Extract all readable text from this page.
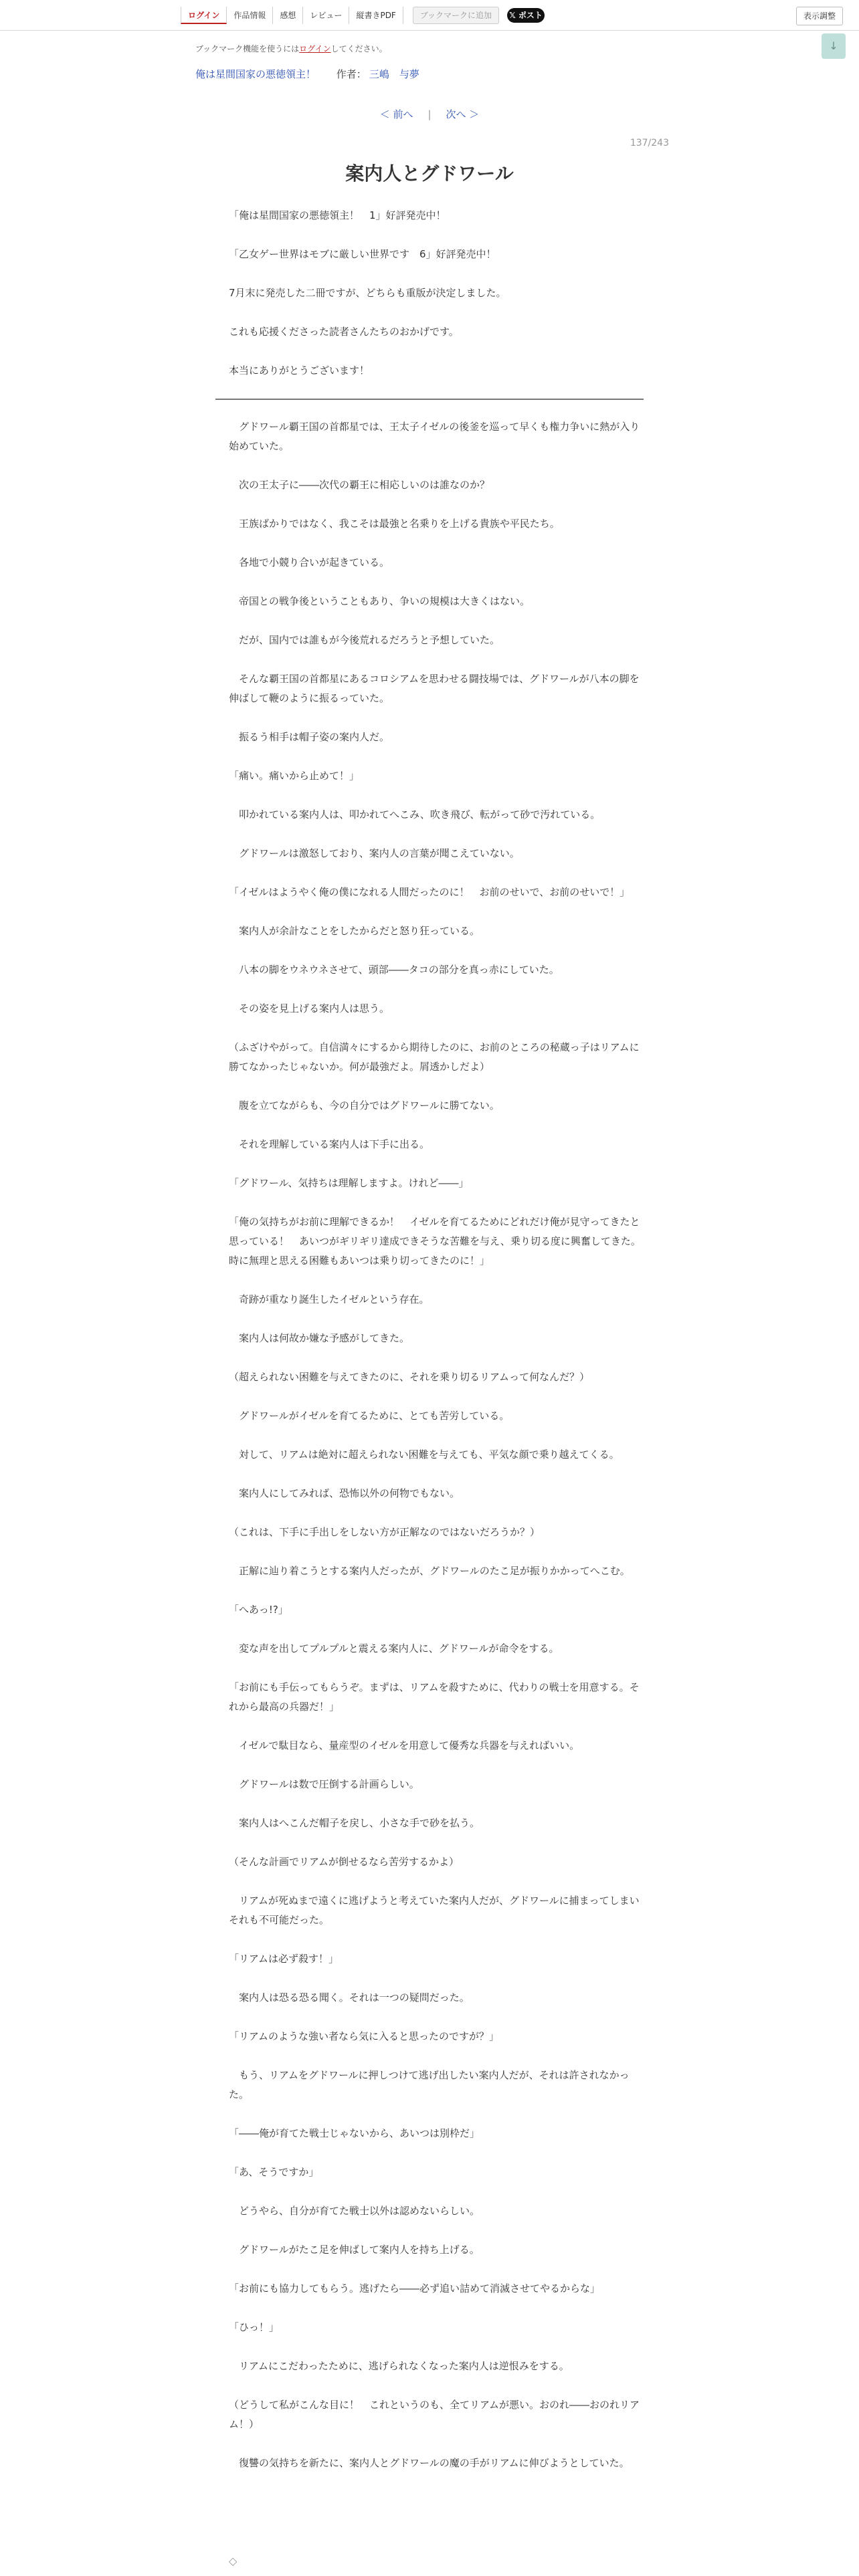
ログイン	作品情報	感想	レビュー	縦書きPDF	ブックマークに追加	𝕏 ポスト	表示調整
↓
ブックマーク機能を使うにはログインしてください。
俺は星間国家の悪徳領主！ 作者： 三嶋　与夢
＜ 前へ | 次へ ＞
137/243
案内人とグドワール

「俺は星間国家の悪徳領主！　1」好評発売中！

「乙女ゲー世界はモブに厳しい世界です　6」好評発売中！

7月末に発売した二冊ですが、どちらも重版が決定しました。

これも応援くださった読者さんたちのおかげです。

本当にありがとうございます！

　グドワール覇王国の首都星では、王太子イゼルの後釜を巡って早くも権力争いに熱が入り始めていた。

　次の王太子に――次代の覇王に相応しいのは誰なのか？

　王族ばかりではなく、我こそは最強と名乗りを上げる貴族や平民たち。

　各地で小競り合いが起きている。

　帝国との戦争後ということもあり、争いの規模は大きくはない。

　だが、国内では誰もが今後荒れるだろうと予想していた。

　そんな覇王国の首都星にあるコロシアムを思わせる闘技場では、グドワールが八本の脚を伸ばして鞭のように振るっていた。

　振るう相手は帽子姿の案内人だ。

「痛い。痛いから止めて！」

　叩かれている案内人は、叩かれてへこみ、吹き飛び、転がって砂で汚れている。

　グドワールは激怒しており、案内人の言葉が聞こえていない。

「イゼルはようやく俺の僕になれる人間だったのに！　お前のせいで、お前のせいで！」

　案内人が余計なことをしたからだと怒り狂っている。

　八本の脚をウネウネさせて、頭部――タコの部分を真っ赤にしていた。

　その姿を見上げる案内人は思う。

（ふざけやがって。自信満々にするから期待したのに、お前のところの秘蔵っ子はリアムに勝てなかったじゃないか。何が最強だよ。屑透かしだよ）

　腹を立てながらも、今の自分ではグドワールに勝てない。

　それを理解している案内人は下手に出る。

「グドワール、気持ちは理解しますよ。けれど――」

「俺の気持ちがお前に理解できるか！　イゼルを育てるためにどれだけ俺が見守ってきたと思っている！　あいつがギリギリ達成できそうな苦難を与え、乗り切る度に興奮してきた。時に無理と思える困難もあいつは乗り切ってきたのに！」

　奇跡が重なり誕生したイゼルという存在。

　案内人は何故か嫌な予感がしてきた。

（超えられない困難を与えてきたのに、それを乗り切るリアムって何なんだ？）

　グドワールがイゼルを育てるために、とても苦労している。

　対して、リアムは絶対に超えられない困難を与えても、平気な顔で乗り越えてくる。

　案内人にしてみれば、恐怖以外の何物でもない。

（これは、下手に手出しをしない方が正解なのではないだろうか？）

　正解に辿り着こうとする案内人だったが、グドワールのたこ足が振りかかってへこむ。

「へあっ!?」

　変な声を出してプルプルと震える案内人に、グドワールが命令をする。

「お前にも手伝ってもらうぞ。まずは、リアムを殺すために、代わりの戦士を用意する。それから最高の兵器だ！」

　イゼルで駄目なら、量産型のイゼルを用意して優秀な兵器を与えればいい。

　グドワールは数で圧倒する計画らしい。

　案内人はへこんだ帽子を戻し、小さな手で砂を払う。

（そんな計画でリアムが倒せるなら苦労するかよ）

　リアムが死ぬまで遠くに逃げようと考えていた案内人だが、グドワールに捕まってしまいそれも不可能だった。

「リアムは必ず殺す！」

　案内人は恐る恐る聞く。それは一つの疑問だった。

「リアムのような強い者なら気に入ると思ったのですが？」

　もう、リアムをグドワールに押しつけて逃げ出したい案内人だが、それは許されなかった。

「――俺が育てた戦士じゃないから、あいつは別枠だ」

「あ、そうですか」

　どうやら、自分が育てた戦士以外は認めないらしい。

　グドワールがたこ足を伸ばして案内人を持ち上げる。

「お前にも協力してもらう。逃げたら――必ず追い詰めて消滅させてやるからな」

「ひっ！」

　リアムにこだわったために、逃げられなくなった案内人は逆恨みをする。

（どうして私がこんな目に！　これというのも、全てリアムが悪い。おのれ――おのれリアム！）

　復讐の気持ちを新たに、案内人とグドワールの魔の手がリアムに伸びようとしていた。

◇
